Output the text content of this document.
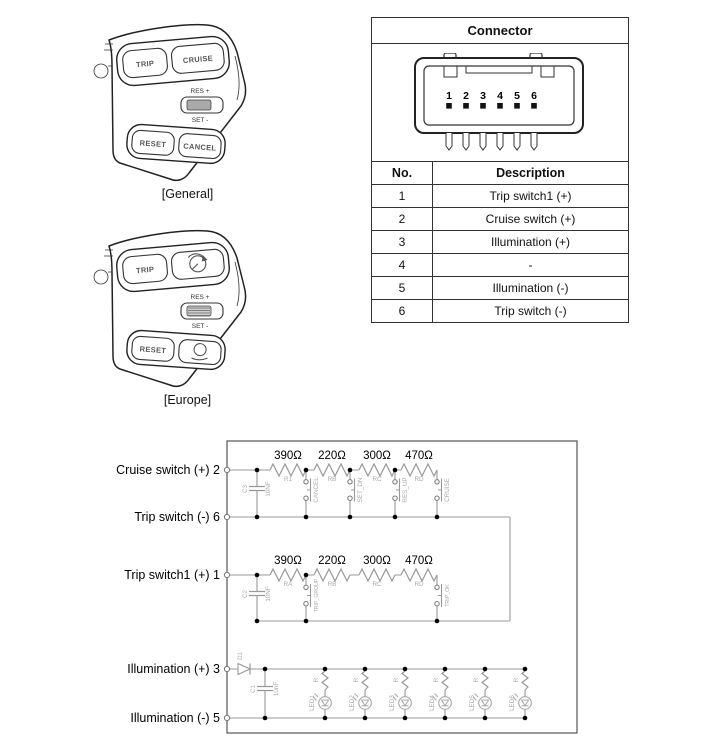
TRIP	CRUISE
RES +
SET -
RESET CANCEL
[General]
TRIP
RES +
SET -
RESET
[Europe]
Connector
1 2 3 4 5 6
No.	Description
1	Trip switch1 (+)
2	Cruise switch (+)
3	Illumination (+)
4	-
5	Illumination (-)
6	Trip switch (-)
Cruise switch (+) 2
Trip switch (-) 6
Trip switch1 (+) 1
Illumination (+) 3
Illumination (-) 5
390Ω 220Ω 300Ω 470Ω
R1	RB	RC	RD
C3	10NF	CANCEL	SET_DN	RES_UP	CRUISE
390Ω 220Ω 300Ω 470Ω
RA	RB	RC	RD
C2	10NF	TRIP_GROUP	TRIP_OK
D1
C1	10nF
R
LED1
R
LED2
R
LED3
R
LED4
R
LED5
R
LED6
